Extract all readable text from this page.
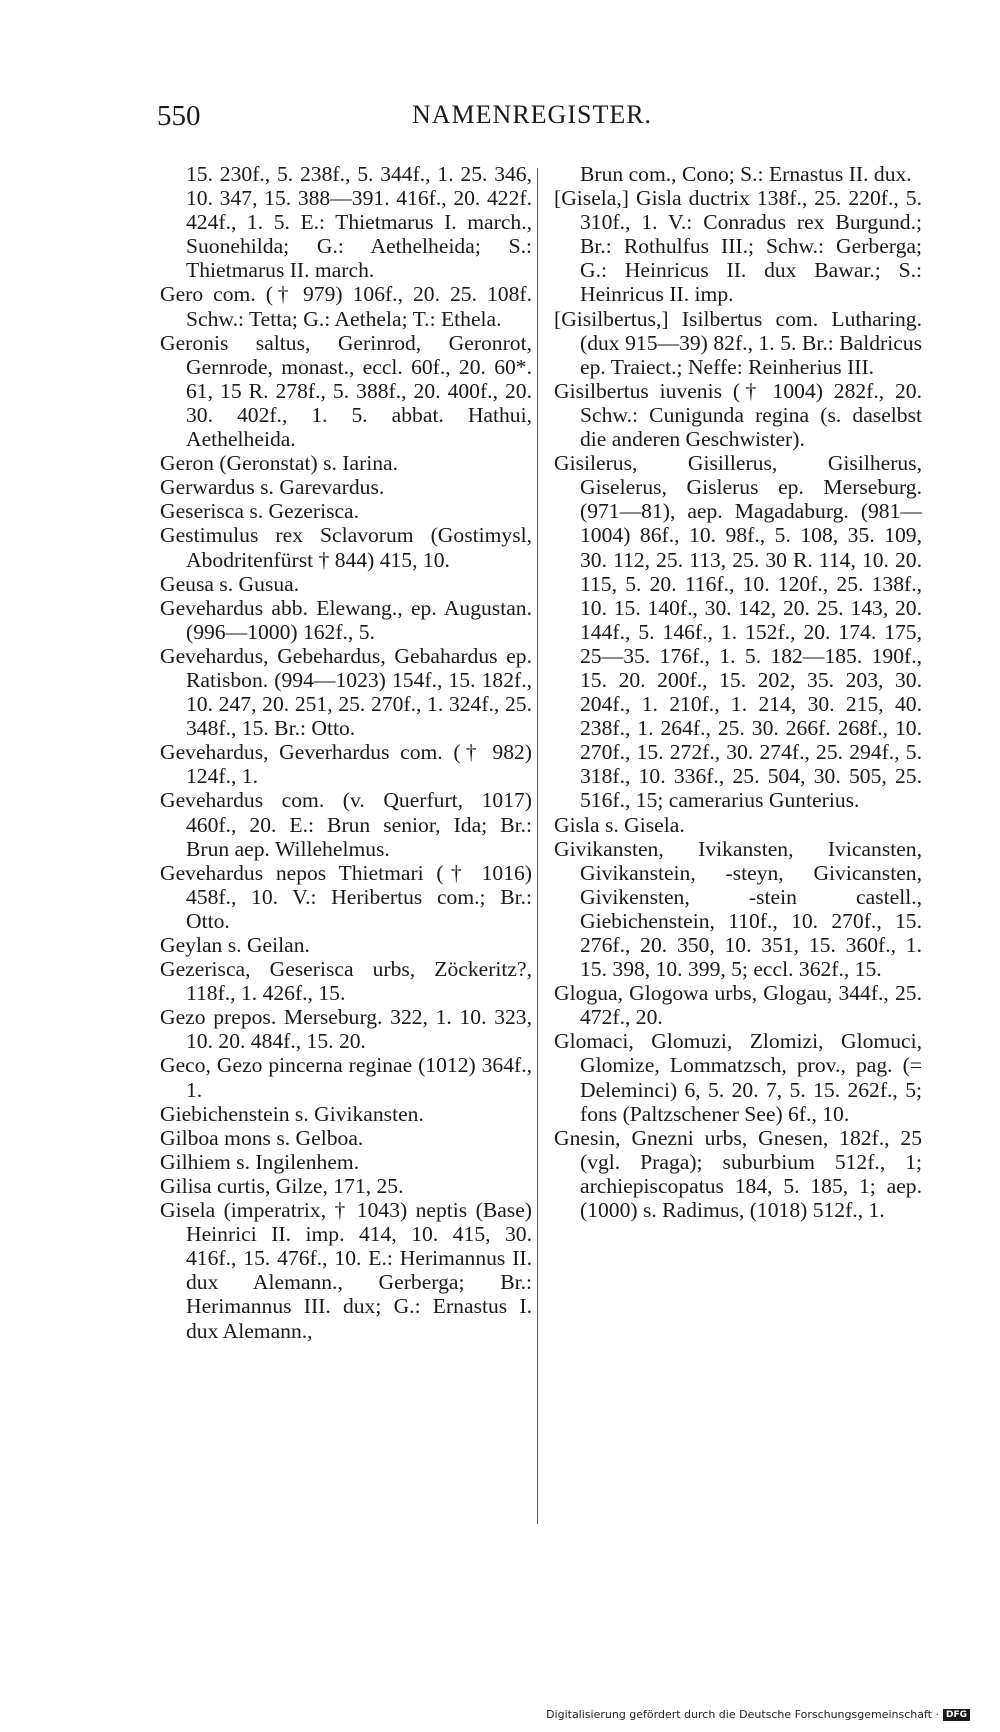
550	NAMENREGISTER.

15. 230f., 5. 238f., 5. 344f., 1. 25. 346, 10. 347, 15. 388—391. 416f., 20. 422f. 424f., 1. 5. E.: Thietmarus I. march., Suonehilda; G.: Aethelheida; S.: Thietmarus II. march.

Gero com. († 979) 106f., 20. 25. 108f. Schw.: Tetta; G.: Aethela; T.: Ethela.

Geronis saltus, Gerinrod, Geronrot, Gernrode, monast., eccl. 60f., 20. 60*. 61, 15 R. 278f., 5. 388f., 20. 400f., 20. 30. 402f., 1. 5. abbat. Hathui, Aethelheida.

Geron (Geronstat) s. Iarina.

Gerwardus s. Garevardus.

Geserisca s. Gezerisca.

Gestimulus rex Sclavorum (Gostimysl, Abodritenfürst † 844) 415, 10.

Geusa s. Gusua.

Gevehardus abb. Elewang., ep. Augustan. (996—1000) 162f., 5.

Gevehardus, Gebehardus, Gebahardus ep. Ratisbon. (994—1023) 154f., 15. 182f., 10. 247, 20. 251, 25. 270f., 1. 324f., 25. 348f., 15. Br.: Otto.

Gevehardus, Geverhardus com. († 982) 124f., 1.

Gevehardus com. (v. Querfurt, 1017) 460f., 20. E.: Brun senior, Ida; Br.: Brun aep. Willehelmus.

Gevehardus nepos Thietmari († 1016) 458f., 10. V.: Heribertus com.; Br.: Otto.

Geylan s. Geilan.

Gezerisca, Geserisca urbs, Zöckeritz?, 118f., 1. 426f., 15.

Gezo prepos. Merseburg. 322, 1. 10. 323, 10. 20. 484f., 15. 20.

Geco, Gezo pincerna reginae (1012) 364f., 1.

Giebichenstein s. Givikansten.

Gilboa mons s. Gelboa.

Gilhiem s. Ingilenhem.

Gilisa curtis, Gilze, 171, 25.

Gisela (imperatrix, † 1043) neptis (Base) Heinrici II. imp. 414, 10. 415, 30. 416f., 15. 476f., 10. E.: Herimannus II. dux Alemann., Gerberga; Br.: Herimannus III. dux; G.: Ernastus I. dux Alemann.,

Brun com., Cono; S.: Ernastus II. dux.

[Gisela,] Gisla ductrix 138f., 25. 220f., 5. 310f., 1. V.: Conradus rex Burgund.; Br.: Rothulfus III.; Schw.: Gerberga; G.: Heinricus II. dux Bawar.; S.: Heinricus II. imp.

[Gisilbertus,] Isilbertus com. Lutharing. (dux 915—39) 82f., 1. 5. Br.: Baldricus ep. Traiect.; Neffe: Reinherius III.

Gisilbertus iuvenis († 1004) 282f., 20. Schw.: Cunigunda regina (s. daselbst die anderen Geschwister).

Gisilerus, Gisillerus, Gisilherus, Giselerus, Gislerus ep. Merseburg. (971—81), aep. Magadaburg. (981—1004) 86f., 10. 98f., 5. 108, 35. 109, 30. 112, 25. 113, 25. 30 R. 114, 10. 20. 115, 5. 20. 116f., 10. 120f., 25. 138f., 10. 15. 140f., 30. 142, 20. 25. 143, 20. 144f., 5. 146f., 1. 152f., 20. 174. 175, 25—35. 176f., 1. 5. 182—185. 190f., 15. 20. 200f., 15. 202, 35. 203, 30. 204f., 1. 210f., 1. 214, 30. 215, 40. 238f., 1. 264f., 25. 30. 266f. 268f., 10. 270f., 15. 272f., 30. 274f., 25. 294f., 5. 318f., 10. 336f., 25. 504, 30. 505, 25. 516f., 15; camerarius Gunterius.

Gisla s. Gisela.

Givikansten, Ivikansten, Ivicansten, Givikanstein, -steyn, Givicansten, Givikensten, -stein castell., Giebichenstein, 110f., 10. 270f., 15. 276f., 20. 350, 10. 351, 15. 360f., 1. 15. 398, 10. 399, 5; eccl. 362f., 15.

Glogua, Glogowa urbs, Glogau, 344f., 25. 472f., 20.

Glomaci, Glomuzi, Zlomizi, Glomuci, Glomize, Lommatzsch, prov., pag. (= Deleminci) 6, 5. 20. 7, 5. 15. 262f., 5; fons (Paltzschener See) 6f., 10.

Gnesin, Gnezni urbs, Gnesen, 182f., 25 (vgl. Praga); suburbium 512f., 1; archiepiscopatus 184, 5. 185, 1; aep. (1000) s. Radimus, (1018) 512f., 1.

Digitalisierung gefördert durch die Deutsche Forschungsgemeinschaft · DFG
